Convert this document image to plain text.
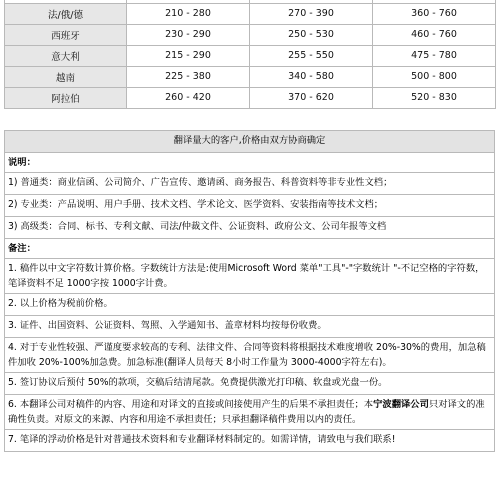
法/俄/德	210 - 280	270 - 390	360 - 760
西班牙	230 - 290	250 - 530	460 - 760
意大利	215 - 290	255 - 550	475 - 780
越南	225 - 380	340 - 580	500 - 800
阿拉伯	260 - 420	370 - 620	520 - 830
翻译量大的客户,价格由双方协商确定
说明：
1) 普通类：商业信函、公司简介、广告宣传、邀请函、商务报告、科普资料等非专业性文档；
2) 专业类：产品说明、用户手册、技术文档、学术论文、医学资料、安装指南等技术文档；
3) 高级类：合同、标书、专利文献、司法/仲裁文件、公证资料、政府公文、公司年报等文档
备注：
1. 稿件以中文字符数计算价格。字数统计方法是:使用Microsoft Word 菜单"工具"-"字数统计 "-不记空格的字符数，笔译资料不足 1000字按 1000字计费。
2. 以上价格为税前价格。
3. 证件、出国资料、公证资料、驾照、入学通知书、盖章材料均按每份收费。
4. 对于专业性较强、严谨度要求较高的专利、法律文件、合同等资料将根据技术难度增收 20%-30%的费用，加急稿件加收 20%-100%加急费。加急标准(翻译人员每天 8小时工作量为 3000-4000字符左右)。
5. 签订协议后预付 50%的款项，交稿后结清尾款。免费提供激光打印稿、软盘或光盘一份。
6. 本翻译公司对稿件的内容、用途和对译文的直接或间接使用产生的后果不承担责任；本宁波翻译公司只对译文的准确性负责。对原文的来源、内容和用途不承担责任；只承担翻译稿件费用以内的责任。
7. 笔译的浮动价格是针对普通技术资料和专业翻译材料制定的。如需详情，请致电与我们联系!
